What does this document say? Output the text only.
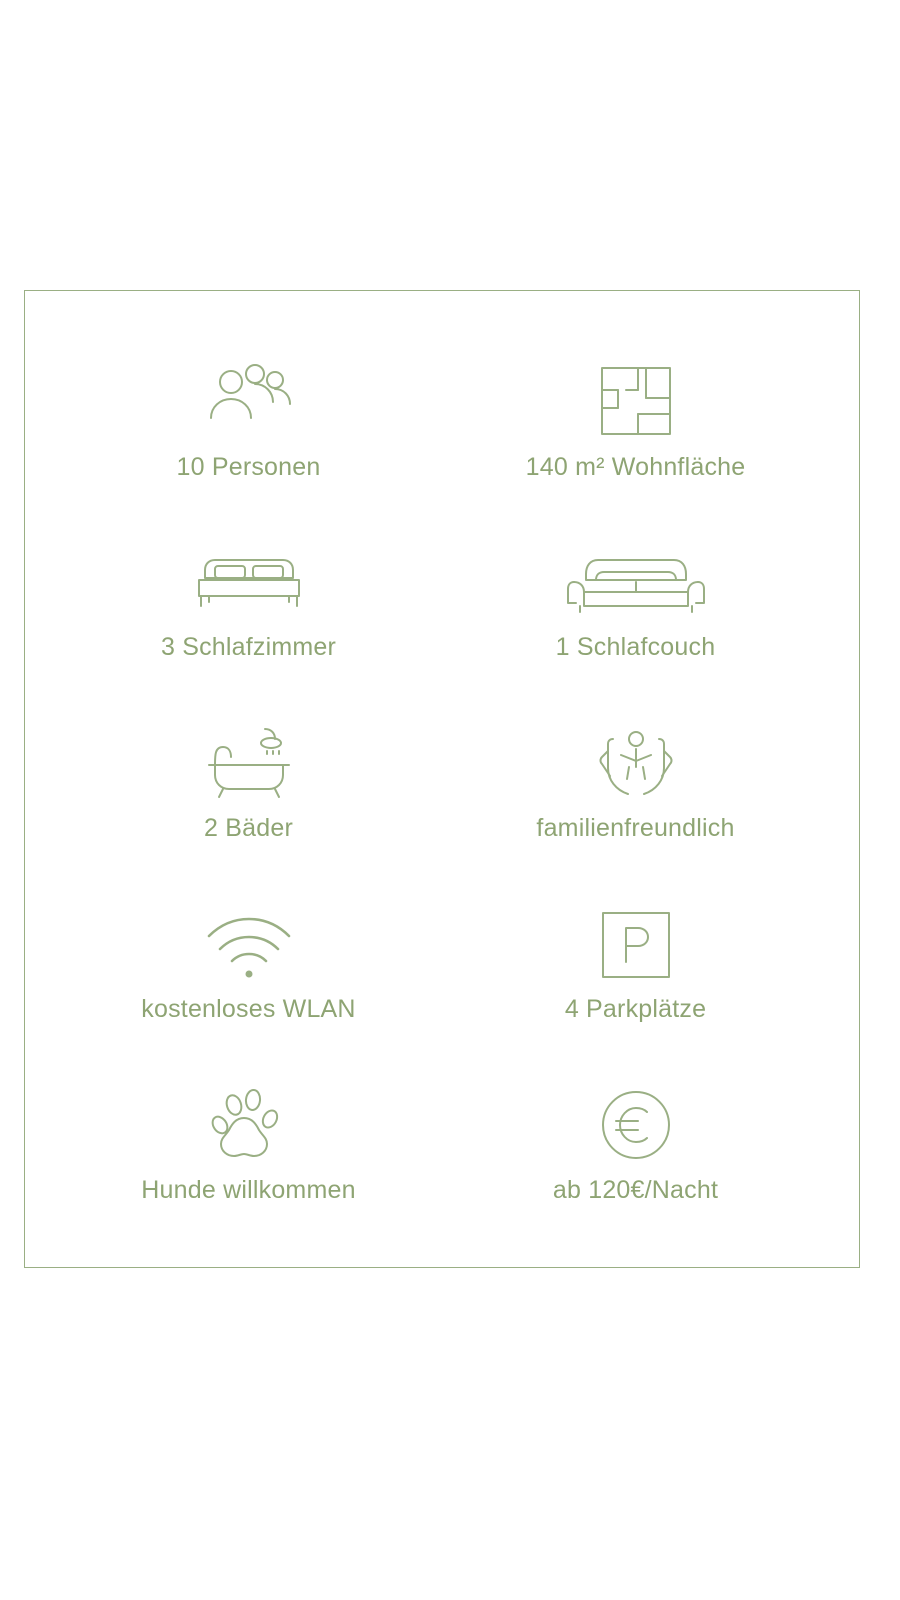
10 Personen	140 m² Wohnfläche
3 Schlafzimmer	1 Schlafcouch
2 Bäder	familienfreundlich
kostenloses WLAN	4 Parkplätze
Hunde willkommen	ab 120€/Nacht
